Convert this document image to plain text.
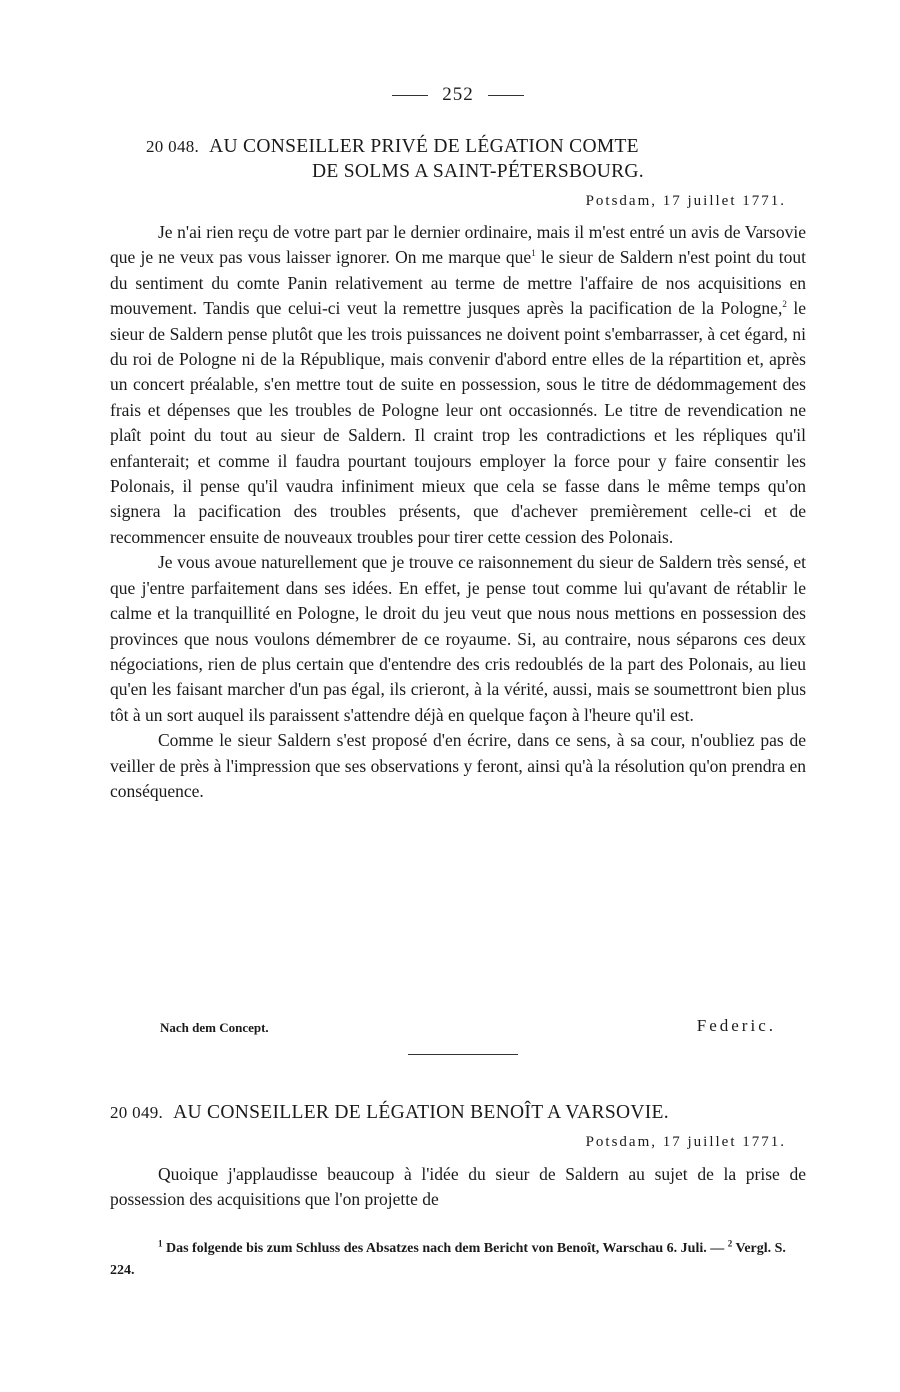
252
20 048. AU CONSEILLER PRIVÉ DE LÉGATION COMTE
DE SOLMS A SAINT-PÉTERSBOURG.
Potsdam, 17 juillet 1771.

Je n'ai rien reçu de votre part par le dernier ordinaire, mais il m'est entré un avis de Varsovie que je ne veux pas vous laisser ignorer. On me marque que$^1$ le sieur de Saldern n'est point du tout du sentiment du comte Panin relativement au terme de mettre l'affaire de nos acquisitions en mouvement. Tandis que celui-ci veut la remettre jusques après la pacification de la Pologne,$^2$ le sieur de Saldern pense plutôt que les trois puissances ne doivent point s'embarrasser, à cet égard, ni du roi de Pologne ni de la République, mais convenir d'abord entre elles de la répartition et, après un concert préalable, s'en mettre tout de suite en possession, sous le titre de dédommagement des frais et dépenses que les troubles de Pologne leur ont occasionnés. Le titre de revendication ne plaît point du tout au sieur de Saldern. Il craint trop les contradictions et les répliques qu'il enfanterait; et comme il faudra pourtant toujours employer la force pour y faire consentir les Polonais, il pense qu'il vaudra infiniment mieux que cela se fasse dans le même temps qu'on signera la pacification des troubles présents, que d'achever premièrement celle-ci et de recommencer ensuite de nouveaux troubles pour tirer cette cession des Polonais.

Je vous avoue naturellement que je trouve ce raisonnement du sieur de Saldern très sensé, et que j'entre parfaitement dans ses idées. En effet, je pense tout comme lui qu'avant de rétablir le calme et la tranquillité en Pologne, le droit du jeu veut que nous nous mettions en possession des provinces que nous voulons démembrer de ce royaume. Si, au contraire, nous séparons ces deux négociations, rien de plus certain que d'entendre des cris redoublés de la part des Polonais, au lieu qu'en les faisant marcher d'un pas égal, ils crieront, à la vérité, aussi, mais se soumettront bien plus tôt à un sort auquel ils paraissent s'attendre déjà en quelque façon à l'heure qu'il est.

Comme le sieur Saldern s'est proposé d'en écrire, dans ce sens, à sa cour, n'oubliez pas de veiller de près à l'impression que ses observations y feront, ainsi qu'à la résolution qu'on prendra en conséquence.

Nach dem Concept.	Federic.
20 049. AU CONSEILLER DE LÉGATION BENOÎT A VARSOVIE.
Potsdam, 17 juillet 1771.

Quoique j'applaudisse beaucoup à l'idée du sieur de Saldern au sujet de la prise de possession des acquisitions que l'on projette de

$^1$ Das folgende bis zum Schluss des Absatzes nach dem Bericht von Benoît, Warschau 6. Juli. — $^2$ Vergl. S. 224.
